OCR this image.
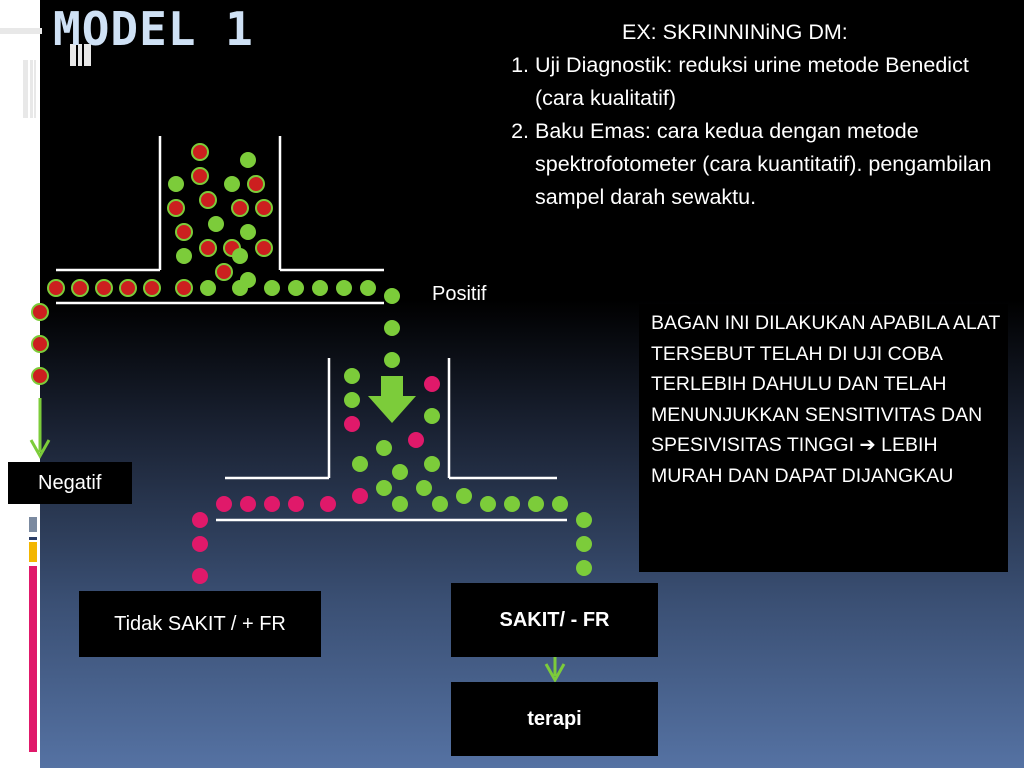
MODEL 1	EX: SKRINNINiNG DM:
1. Uji Diagnostik: reduksi urine metode Benedict (cara kualitatif)
2. Baku Emas: cara kedua dengan metode spektrofotometer (cara kuantitatif). pengambilan sampel darah sewaktu.
BAGAN INI DILAKUKAN APABILA ALAT TERSEBUT TELAH DI UJI COBA TERLEBIH DAHULU DAN TELAH MENUNJUKKAN SENSITIVITAS DAN SPESIVISITAS TINGGI ➔ LEBIH MURAH DAN DAPAT DIJANGKAU
Positif
Negatif
Tidak SAKIT / + FR	SAKIT/ - FR
terapi
